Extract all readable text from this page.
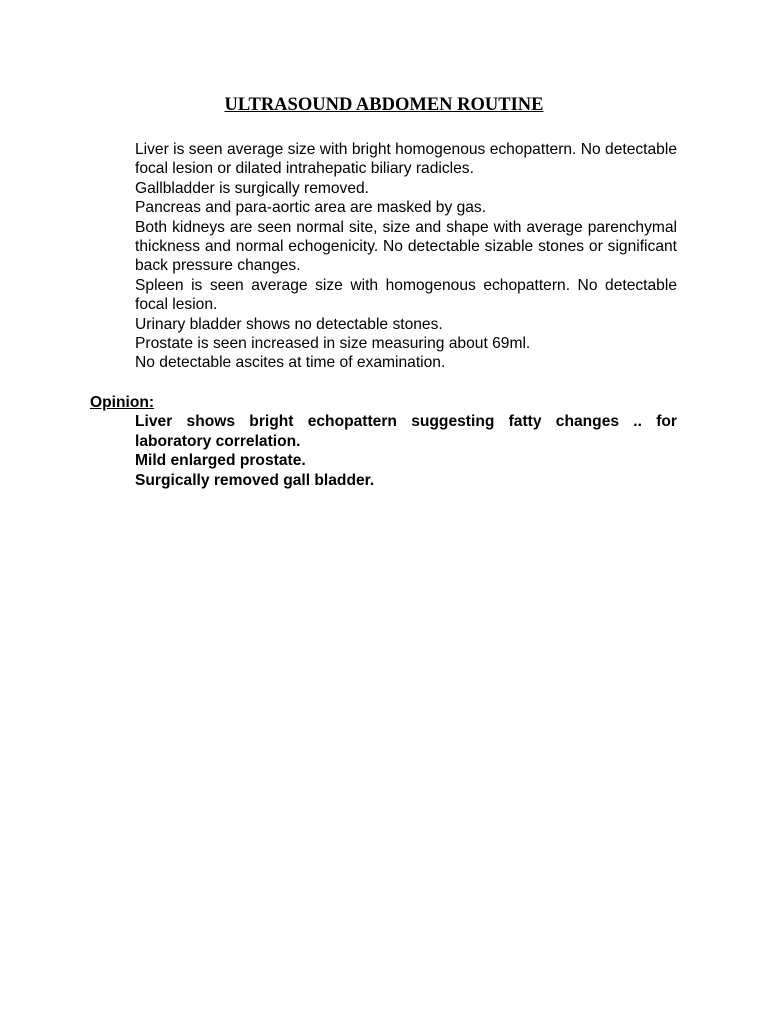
ULTRASOUND ABDOMEN ROUTINE

Liver is seen average size with bright homogenous echopattern. No detectable focal lesion or dilated intrahepatic biliary radicles.

Gallbladder is surgically removed.

Pancreas and para-aortic area are masked by gas.

Both kidneys are seen normal site, size and shape with average parenchymal thickness and normal echogenicity. No detectable sizable stones or significant back pressure changes.

Spleen is seen average size with homogenous echopattern. No detectable focal lesion.

Urinary bladder shows no detectable stones.

Prostate is seen increased in size measuring about 69ml.

No detectable ascites at time of examination.

Opinion:

Liver shows bright echopattern suggesting fatty changes .. for laboratory correlation.

Mild enlarged prostate.

Surgically removed gall bladder.
